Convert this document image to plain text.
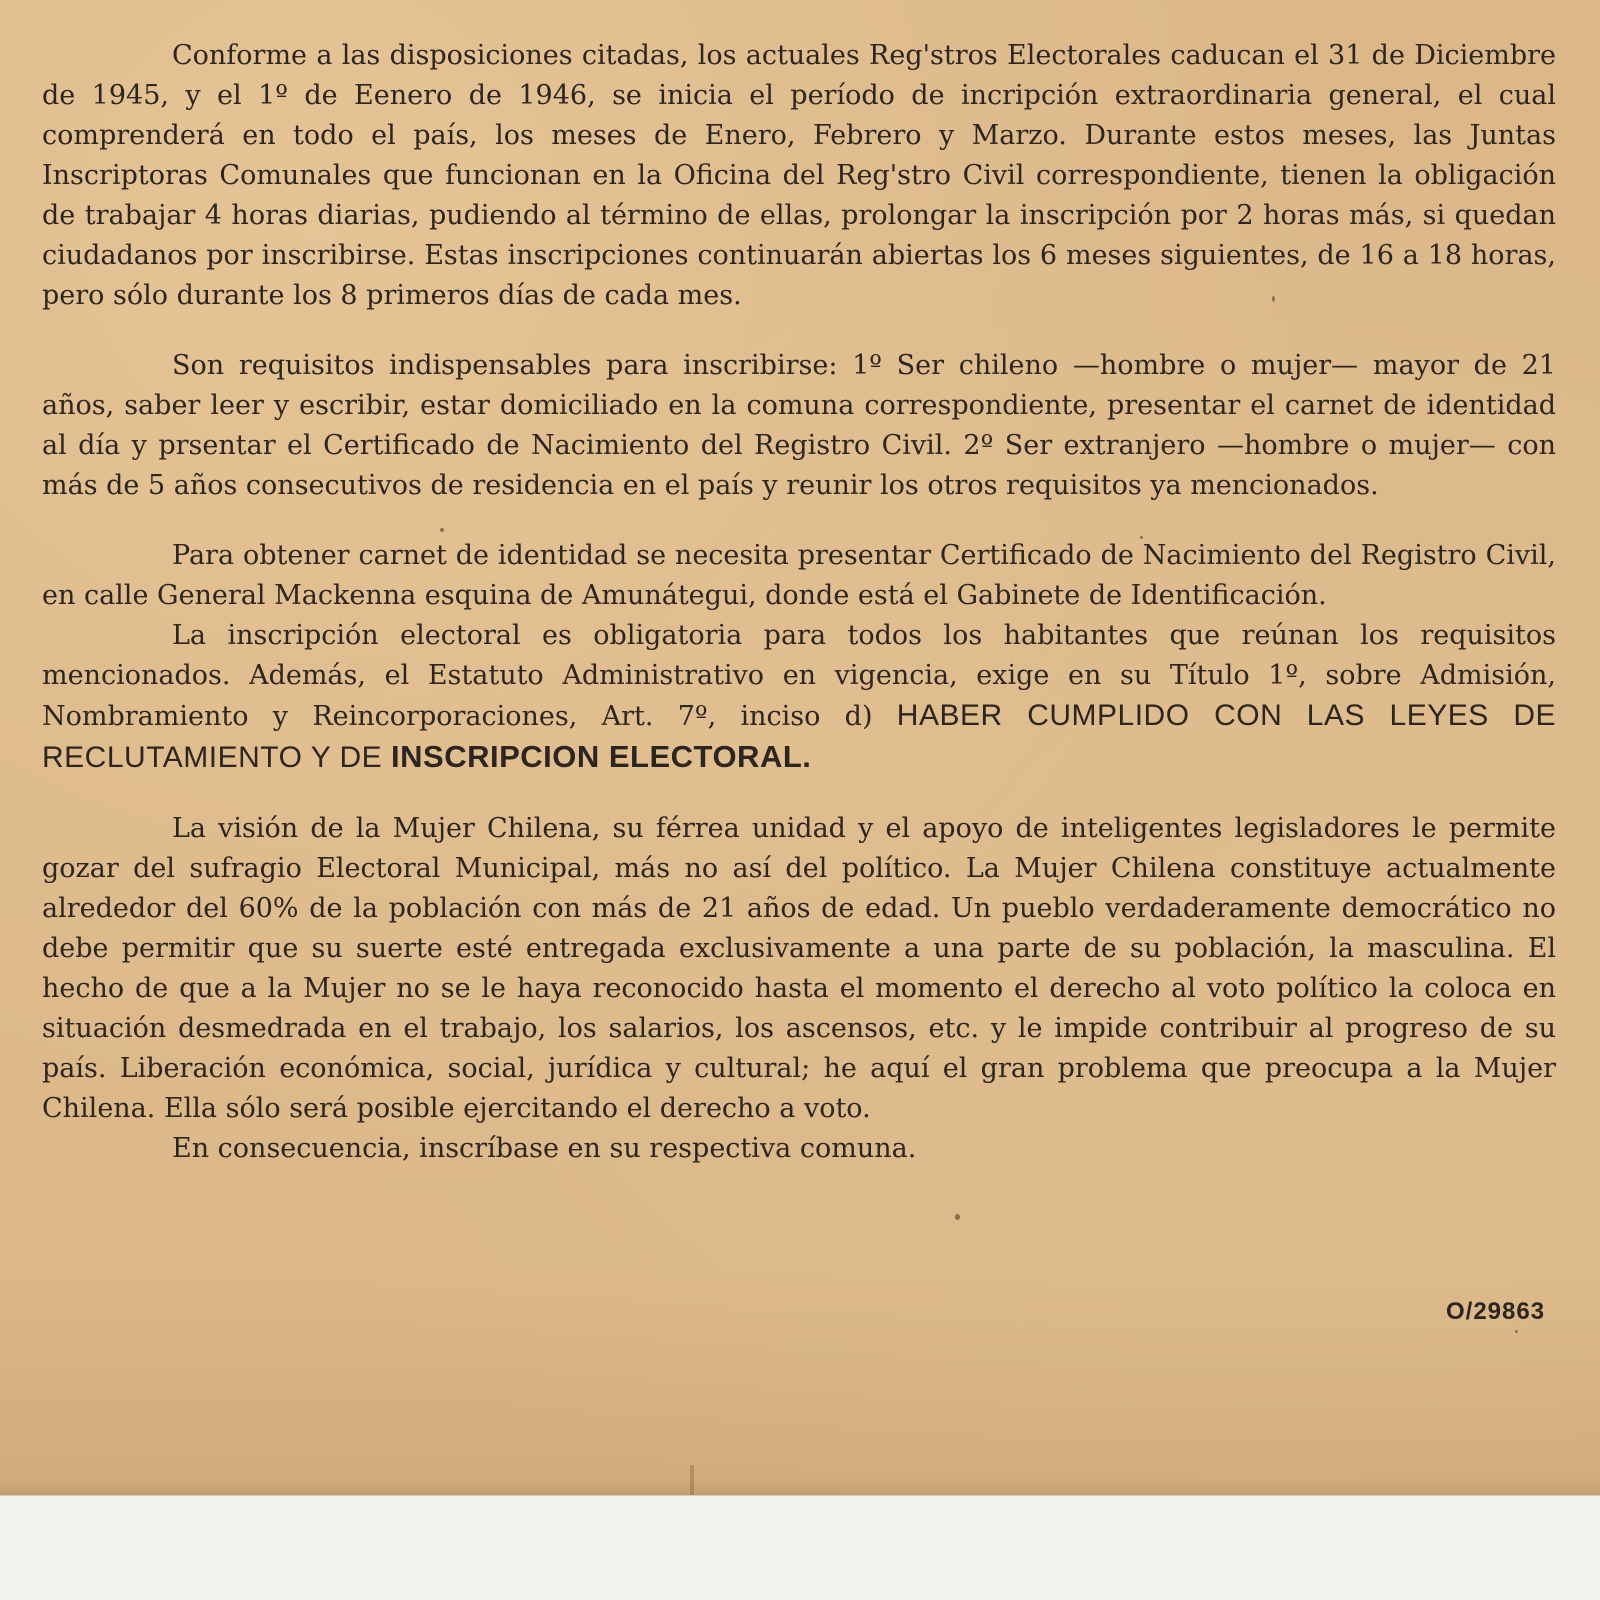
Conforme a las disposiciones citadas, los actuales Reg'stros Electorales caducan el 31 de Diciembre de 1945, y el 1º de Eenero de 1946, se inicia el período de incripción extraordinaria general, el cual comprenderá en todo el país, los meses de Enero, Febrero y Marzo. Durante estos meses, las Juntas Inscriptoras Comunales que funcionan en la Oficina del Reg'stro Civil correspondiente, tienen la obligación de trabajar 4 horas diarias, pudiendo al término de ellas, prolongar la inscripción por 2 horas más, si quedan ciudadanos por inscribirse. Estas inscripciones continuarán abiertas los 6 meses siguientes, de 16 a 18 horas, pero sólo durante los 8 primeros días de cada mes.

Son requisitos indispensables para inscribirse: 1º Ser chileno —hombre o mujer— mayor de 21 años, saber leer y escribir, estar domiciliado en la comuna correspondiente, presentar el carnet de identidad al día y prsentar el Certificado de Nacimiento del Registro Civil. 2º Ser extranjero —hombre o mujer— con más de 5 años consecutivos de residencia en el país y reunir los otros requisitos ya mencionados.

Para obtener carnet de identidad se necesita presentar Certificado de Nacimiento del Registro Civil, en calle General Mackenna esquina de Amunátegui, donde está el Gabinete de Identificación.

La inscripción electoral es obligatoria para todos los habitantes que reúnan los requisitos mencionados. Además, el Estatuto Administrativo en vigencia, exige en su Título 1º, sobre Admisión, Nombramiento y Reincorporaciones, Art. 7º, inciso d) HABER CUMPLIDO CON LAS LEYES DE RECLUTAMIENTO Y DE INSCRIPCION ELECTORAL.

La visión de la Mujer Chilena, su férrea unidad y el apoyo de inteligentes legisladores le permite gozar del sufragio Electoral Municipal, más no así del político. La Mujer Chilena constituye actualmente alrededor del 60% de la población con más de 21 años de edad. Un pueblo verdaderamente democrático no debe permitir que su suerte esté entregada exclusivamente a una parte de su población, la masculina. El hecho de que a la Mujer no se le haya reconocido hasta el momento el derecho al voto político la coloca en situación desmedrada en el trabajo, los salarios, los ascensos, etc. y le impide contribuir al progreso de su país. Liberación económica, social, jurídica y cultural; he aquí el gran problema que preocupa a la Mujer Chilena. Ella sólo será posible ejercitando el derecho a voto.

En consecuencia, inscríbase en su respectiva comuna.

O/29863
